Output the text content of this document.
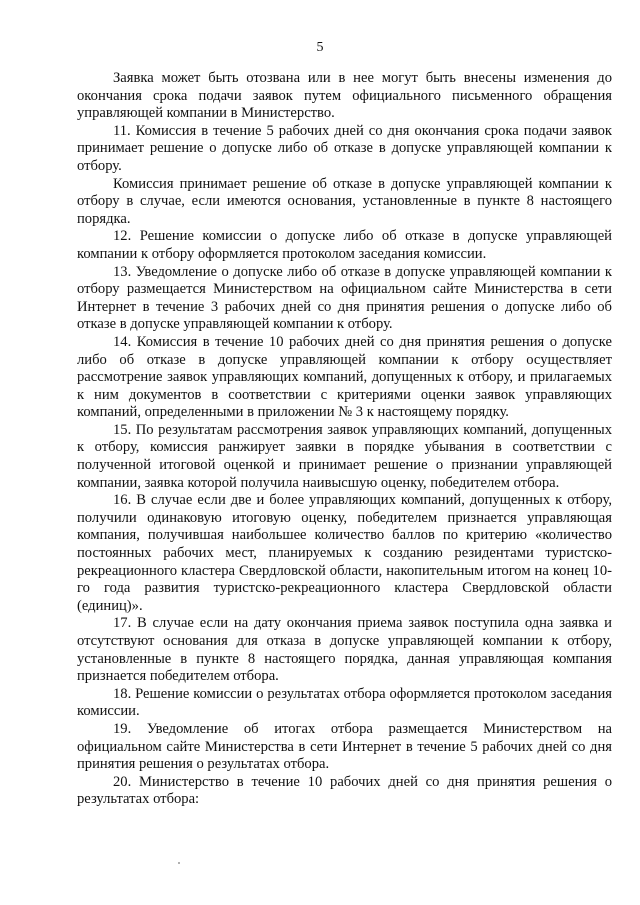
5

Заявка может быть отозвана или в нее могут быть внесены изменения до окончания срока подачи заявок путем официального письменного обращения управляющей компании в Министерство.

11. Комиссия в течение 5 рабочих дней со дня окончания срока подачи заявок принимает решение о допуске либо об отказе в допуске управляющей компании к отбору.

Комиссия принимает решение об отказе в допуске управляющей компании к отбору в случае, если имеются основания, установленные в пункте 8 настоящего порядка.

12. Решение комиссии о допуске либо об отказе в допуске управляющей компании к отбору оформляется протоколом заседания комиссии.

13. Уведомление о допуске либо об отказе в допуске управляющей компании к отбору размещается Министерством на официальном сайте Министерства в сети Интернет в течение 3 рабочих дней со дня принятия решения о допуске либо об отказе в допуске управляющей компании к отбору.

14. Комиссия в течение 10 рабочих дней со дня принятия решения о допуске либо об отказе в допуске управляющей компании к отбору осуществляет рассмотрение заявок управляющих компаний, допущенных к отбору, и прилагаемых к ним документов в соответствии с критериями оценки заявок управляющих компаний, определенными в приложении № 3 к настоящему порядку.

15. По результатам рассмотрения заявок управляющих компаний, допущенных к отбору, комиссия ранжирует заявки в порядке убывания в соответствии с полученной итоговой оценкой и принимает решение о признании управляющей компании, заявка которой получила наивысшую оценку, победителем отбора.

16. В случае если две и более управляющих компаний, допущенных к отбору, получили одинаковую итоговую оценку, победителем признается управляющая компания, получившая наибольшее количество баллов по критерию «количество постоянных рабочих мест, планируемых к созданию резидентами туристско-рекреационного кластера Свердловской области, накопительным итогом на конец 10-го года развития туристско-рекреационного кластера Свердловской области (единиц)».

17. В случае если на дату окончания приема заявок поступила одна заявка и отсутствуют основания для отказа в допуске управляющей компании к отбору, установленные в пункте 8 настоящего порядка, данная управляющая компания признается победителем отбора.

18. Решение комиссии о результатах отбора оформляется протоколом заседания комиссии.

19. Уведомление об итогах отбора размещается Министерством на официальном сайте Министерства в сети Интернет в течение 5 рабочих дней со дня принятия решения о результатах отбора.

20. Министерство в течение 10 рабочих дней со дня принятия решения о результатах отбора:
